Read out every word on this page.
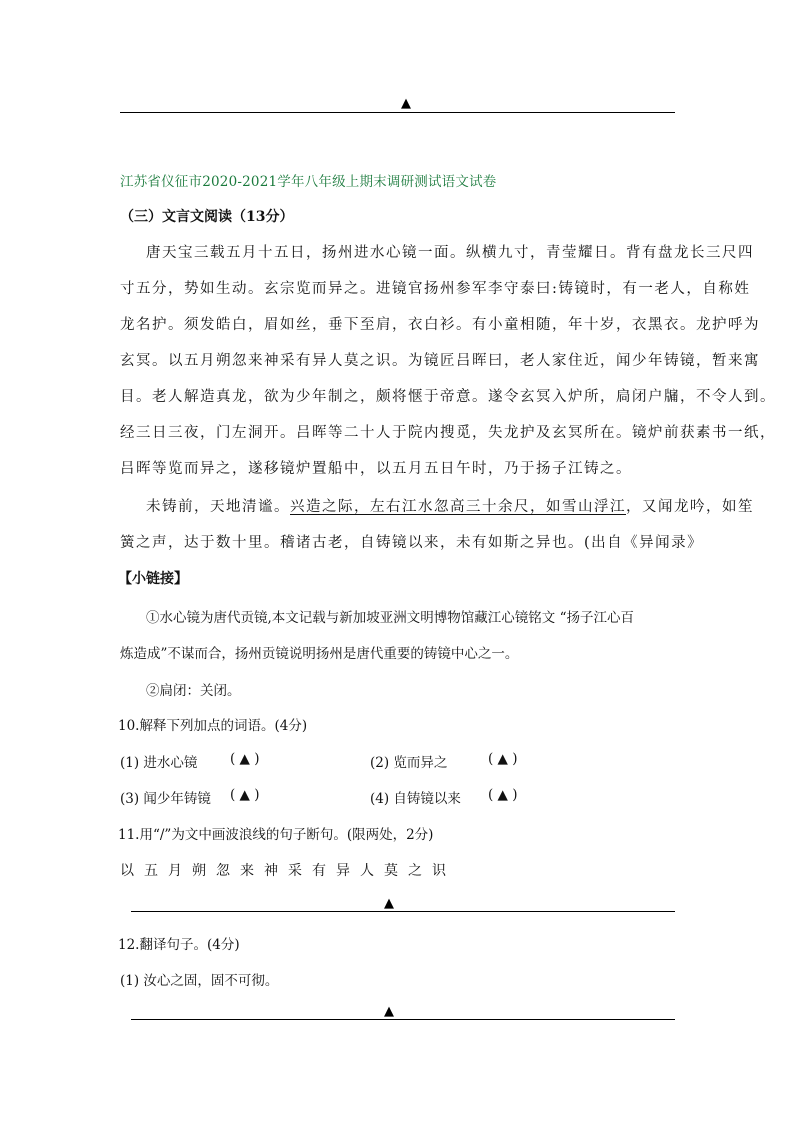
▲
江苏省仪征市2020-2021学年八年级上期末调研测试语文试卷
（三）文言文阅读（13分）
唐天宝三载五月十五日，扬州进水心镜一面。纵横九寸，青莹耀日。背有盘龙长三尺四
寸五分，势如生动。玄宗览而异之。进镜官扬州参军李守泰曰:铸镜时，有一老人，自称姓
龙名护。须发皓白，眉如丝，垂下至肩，衣白衫。有小童相随，年十岁，衣黑衣。龙护呼为
玄冥。以五月朔忽来神采有异人莫之识。为镜匠吕晖曰，老人家住近，闻少年铸镜，暂来寓
目。老人解造真龙，欲为少年制之，颇将惬于帝意。遂令玄冥入炉所，扃闭户牖，不令人到。
经三日三夜，门左洞开。吕晖等二十人于院内搜觅，失龙护及玄冥所在。镜炉前获素书一纸，
吕晖等览而异之，遂移镜炉置船中，以五月五日午时，乃于扬子江铸之。
未铸前，天地清谧。兴造之际，左右江水忽高三十余尺，如雪山浮江，又闻龙吟，如笙
簧之声，达于数十里。稽诸古老，自铸镜以来，未有如斯之异也。(出自《异闻录》
【小链接】
①水心镜为唐代贡镜,本文记载与新加坡亚洲文明博物馆藏江心镜铭文 “扬子江心百
炼造成”不谋而合，扬州贡镜说明扬州是唐代重要的铸镜中心之一。
②扃闭：关闭。
10.解释下列加点的词语。(4分)
(1) 进水心镜 ( ▲ )	(2) 览而异之	( ▲ )
(3) 闻少年铸镜 ( ▲ )	(4) 自铸镜以来 ( ▲ )
11.用“/”为文中画波浪线的句子断句。(限两处，2分)
以五月朔忽来神采有异人莫之识
▲
12.翻译句子。(4分)
(1) 汝心之固，固不可彻。
▲
